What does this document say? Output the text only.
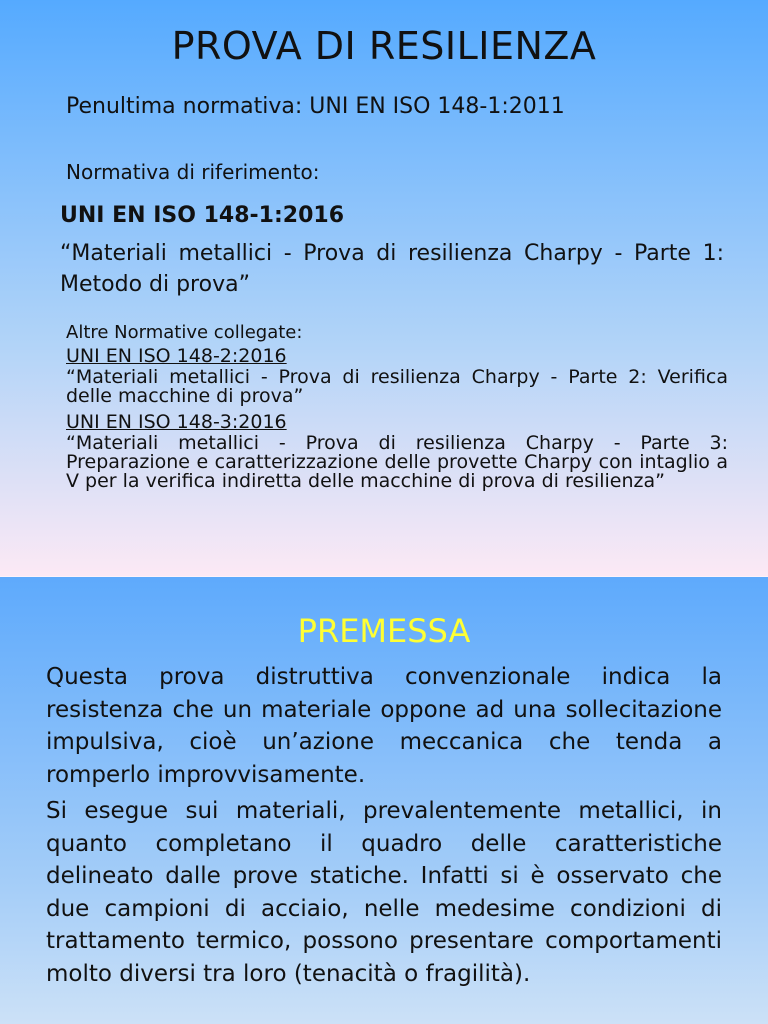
PROVA DI RESILIENZA
Penultima normativa: UNI EN ISO 148-1:2011
Normativa di riferimento:
UNI EN ISO 148-1:2016
“Materiali metallici - Prova di resilienza Charpy - Parte 1: Metodo di prova”
Altre Normative collegate:
UNI EN ISO 148-2:2016
“Materiali metallici - Prova di resilienza Charpy - Parte 2: Verifica delle macchine di prova”
UNI EN ISO 148-3:2016
“Materiali metallici - Prova di resilienza Charpy - Parte 3: Preparazione e caratterizzazione delle provette Charpy con intaglio a V per la verifica indiretta delle macchine di prova di resilienza”
PREMESSA
Questa prova distruttiva convenzionale indica la resistenza che un materiale oppone ad una sollecitazione impulsiva, cioè un’azione meccanica che tenda a romperlo improvvisamente.
Si esegue sui materiali, prevalentemente metallici, in quanto completano il quadro delle caratteristiche delineato dalle prove statiche. Infatti si è osservato che due campioni di acciaio, nelle medesime condizioni di trattamento termico, possono presentare comportamenti molto diversi tra loro (tenacità o fragilità).
